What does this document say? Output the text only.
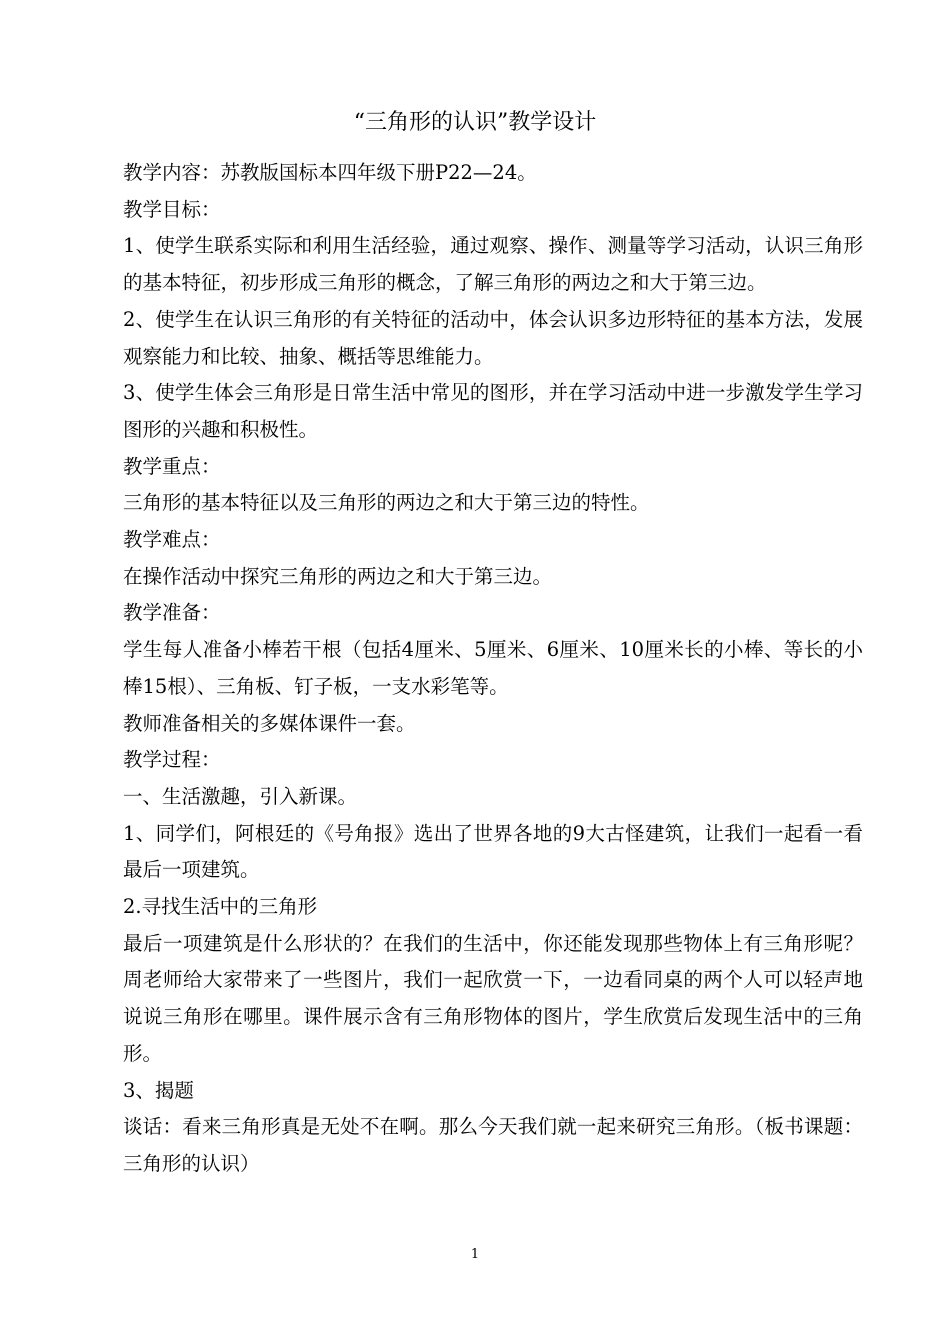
“三角形的认识”教学设计

教学内容：苏教版国标本四年级下册P22—24。

教学目标：

1、使学生联系实际和利用生活经验，通过观察、操作、测量等学习活动，认识三角形的基本特征，初步形成三角形的概念，了解三角形的两边之和大于第三边。

2、使学生在认识三角形的有关特征的活动中，体会认识多边形特征的基本方法，发展观察能力和比较、抽象、概括等思维能力。

3、使学生体会三角形是日常生活中常见的图形，并在学习活动中进一步激发学生学习图形的兴趣和积极性。

教学重点：

三角形的基本特征以及三角形的两边之和大于第三边的特性。

教学难点：

在操作活动中探究三角形的两边之和大于第三边。

教学准备：

学生每人准备小棒若干根（包括4厘米、5厘米、6厘米、10厘米长的小棒、等长的小棒15根）、三角板、钉子板，一支水彩笔等。

教师准备相关的多媒体课件一套。

教学过程：

一、生活激趣，引入新课。

1、同学们，阿根廷的《号角报》选出了世界各地的9大古怪建筑，让我们一起看一看最后一项建筑。

2.寻找生活中的三角形

最后一项建筑是什么形状的？在我们的生活中，你还能发现那些物体上有三角形呢？周老师给大家带来了一些图片，我们一起欣赏一下，一边看同桌的两个人可以轻声地说说三角形在哪里。课件展示含有三角形物体的图片，学生欣赏后发现生活中的三角形。

3、揭题

谈话：看来三角形真是无处不在啊。那么今天我们就一起来研究三角形。（板书课题：三角形的认识）

1
